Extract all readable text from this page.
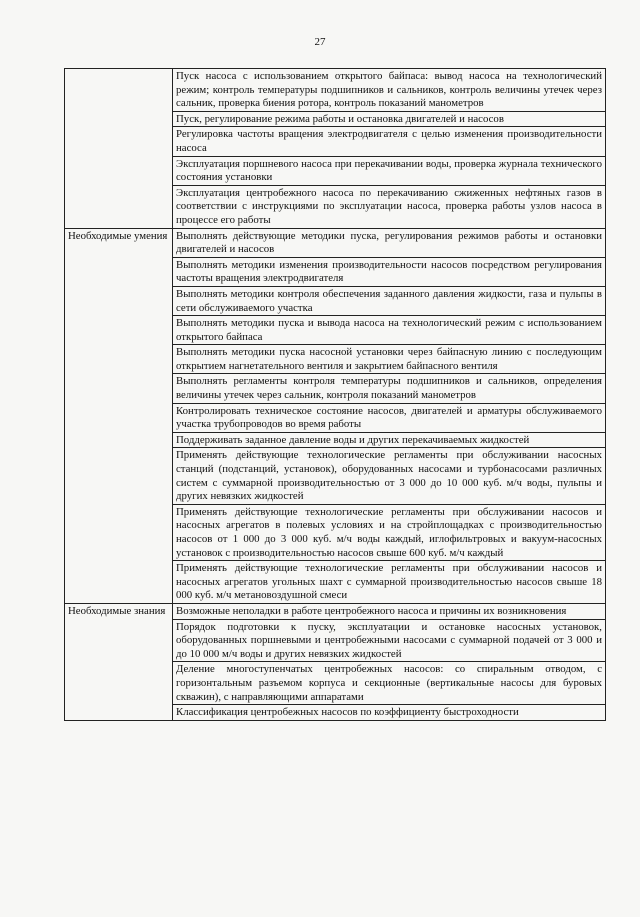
27
	Пуск насоса с использованием открытого байпаса: вывод насоса на технологический режим; контроль температуры подшипников и сальников, контроль величины утечек через сальник, проверка биения ротора, контроль показаний манометров
	Пуск, регулирование режима работы и остановка двигателей и насосов
	Регулировка частоты вращения электродвигателя с целью изменения производительности насоса
	Эксплуатация поршневого насоса при перекачивании воды, проверка журнала технического состояния установки
	Эксплуатация центробежного насоса по перекачиванию сжиженных нефтяных газов в соответствии с инструкциями по эксплуатации насоса, проверка работы узлов насоса в процессе его работы
Необходимые умения	Выполнять действующие методики пуска, регулирования режимов работы и остановки двигателей и насосов
	Выполнять методики изменения производительности насосов посредством регулирования частоты вращения электродвигателя
	Выполнять методики контроля обеспечения заданного давления жидкости, газа и пульпы в сети обслуживаемого участка
	Выполнять методики пуска и вывода насоса на технологический режим с использованием открытого байпаса
	Выполнять методики пуска насосной установки через байпасную линию с последующим открытием нагнетательного вентиля и закрытием байпасного вентиля
	Выполнять регламенты контроля температуры подшипников и сальников, определения величины утечек через сальник, контроля показаний манометров
	Контролировать техническое состояние насосов, двигателей и арматуры обслуживаемого участка трубопроводов во время работы
	Поддерживать заданное давление воды и других перекачиваемых жидкостей
	Применять действующие технологические регламенты при обслуживании насосных станций (подстанций, установок), оборудованных насосами и турбонасосами различных систем с суммарной производительностью от 3 000 до 10 000 куб. м/ч воды, пульпы и других невязких жидкостей
	Применять действующие технологические регламенты при обслуживании насосов и насосных агрегатов в полевых условиях и на стройплощадках с производительностью насосов от 1 000 до 3 000 куб. м/ч воды каждый, иглофильтровых и вакуум-насосных установок с производительностью насосов свыше 600 куб. м/ч каждый
	Применять действующие технологические регламенты при обслуживании насосов и насосных агрегатов угольных шахт с суммарной производительностью насосов свыше 18 000 куб. м/ч метановоздушной смеси
Необходимые знания	Возможные неполадки в работе центробежного насоса и причины их возникновения
	Порядок подготовки к пуску, эксплуатации и остановке насосных установок, оборудованных поршневыми и центробежными насосами с суммарной подачей от 3 000 и до 10 000 м/ч воды и других невязких жидкостей
	Деление многоступенчатых центробежных насосов: со спиральным отводом, с горизонтальным разъемом корпуса и секционные (вертикальные насосы для буровых скважин), с направляющими аппаратами
	Классификация центробежных насосов по коэффициенту быстроходности
